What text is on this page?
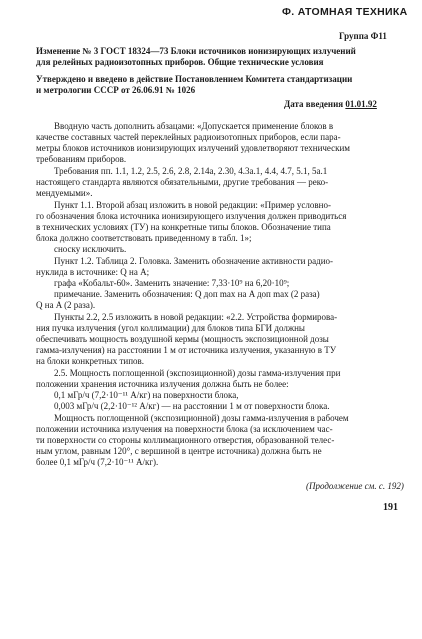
Ф. АТОМНАЯ ТЕХНИКА
Группа Ф11
Изменение № 3 ГОСТ 18324—73 Блоки источников ионизирующих излучений
для релейных радиоизотопных приборов. Общие технические условия
Утверждено и введено в действие Постановлением Комитета стандартизации
и метрологии СССР от 26.06.91 № 1026
Дата введения 01.01.92
Вводную часть дополнить абзацами: «Допускается применение блоков в
качестве составных частей переклейных радиоизотопных приборов, если пара-
метры блоков источников ионизирующих излучений удовлетворяют техническим
требованиям приборов.
Требования пп. 1.1, 1.2, 2.5, 2.6, 2.8, 2.14а, 2.30, 4.3а.1, 4.4, 4.7, 5.1, 5а.1
настоящего стандарта являются обязательными, другие требования — реко-
мендуемыми».
Пункт 1.1. Второй абзац изложить в новой редакции: «Пример условно-
го обозначения блока источника ионизирующего излучения должен приводиться
в технических условиях (ТУ) на конкретные типы блоков. Обозначение типа
блока должно соответствовать приведенному в табл. 1»;
сноску исключить.
Пункт 1.2. Таблица 2. Головка. Заменить обозначение активности радио-
нуклида в источнике: Q на A;
графа «Кобальт-60». Заменить значение: 7,33·10⁹ на 6,20·10⁹;
примечание. Заменить обозначения: Q доп max на A доп max (2 раза)
Q на A (2 раза).
Пункты 2.2, 2.5 изложить в новой редакции: «2.2. Устройства формирова-
ния пучка излучения (угол коллимации) для блоков типа БГИ должны
обеспечивать мощность воздушной кермы (мощность экспозиционной дозы
гамма-излучения) на расстоянии 1 м от источника излучения, указанную в ТУ
на блоки конкретных типов.
2.5. Мощность поглощенной (экспозиционной) дозы гамма-излучения при
положении хранения источника излучения должна быть не более:
0,1 мГр/ч (7,2·10⁻¹¹ А/кг) на поверхности блока,
0,003 мГр/ч (2,2·10⁻¹² А/кг) — на расстоянии 1 м от поверхности блока.
Мощность поглощенной (экспозиционной) дозы гамма-излучения в рабочем
положении источника излучения на поверхности блока (за исключением час-
ти поверхности со стороны коллимационного отверстия, образованной телес-
ным углом, равным 120°, с вершиной в центре источника) должна быть не
более 0,1 мГр/ч (7,2·10⁻¹¹ А/кг).
(Продолжение см. с. 192)
191
